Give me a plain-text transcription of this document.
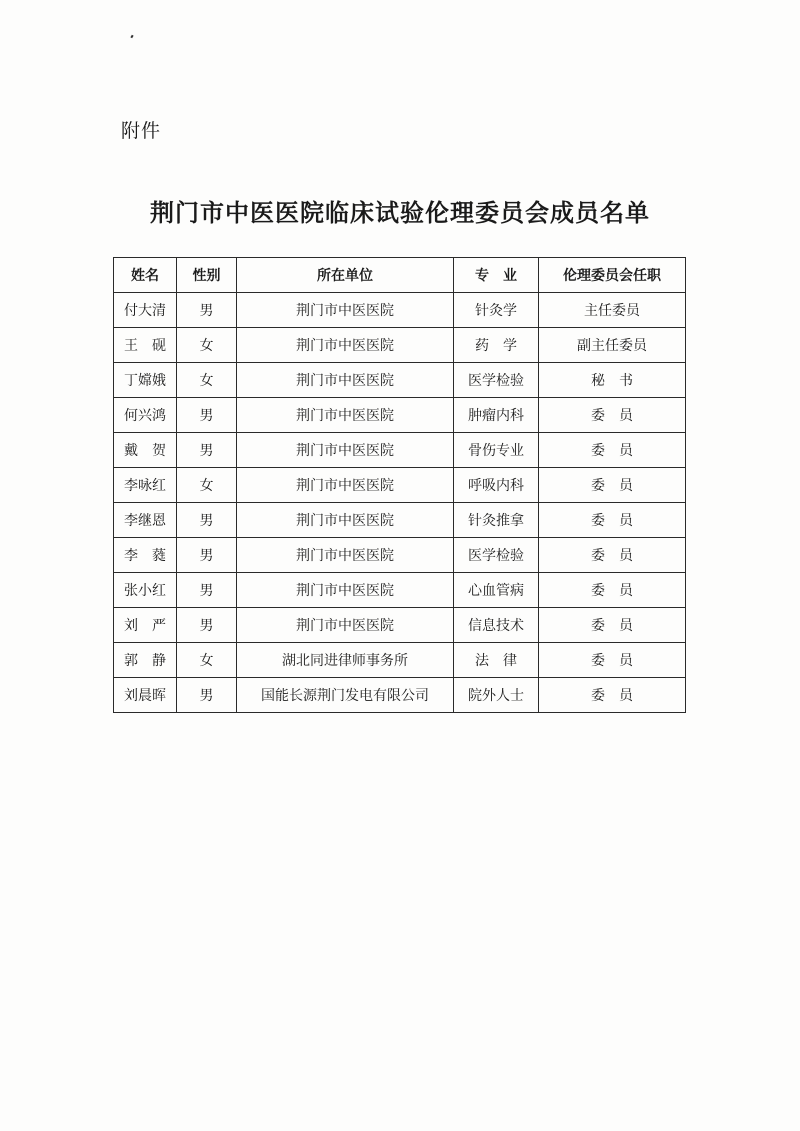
附件
荆门市中医医院临床试验伦理委员会成员名单
姓名	性别	所在单位	专　业	伦理委员会任职
付大清	男	荆门市中医医院	针灸学	主任委员
王　砚	女	荆门市中医医院	药　学	副主任委员
丁嫦娥	女	荆门市中医医院	医学检验	秘　书
何兴鸿	男	荆门市中医医院	肿瘤内科	委　员
戴　贺	男	荆门市中医医院	骨伤专业	委　员
李咏红	女	荆门市中医医院	呼吸内科	委　员
李继恩	男	荆门市中医医院	针灸推拿	委　员
李　蕤	男	荆门市中医医院	医学检验	委　员
张小红	男	荆门市中医医院	心血管病	委　员
刘　严	男	荆门市中医医院	信息技术	委　员
郭　静	女	湖北同进律师事务所	法　律	委　员
刘晨晖	男	国能长源荆门发电有限公司	院外人士	委　员
